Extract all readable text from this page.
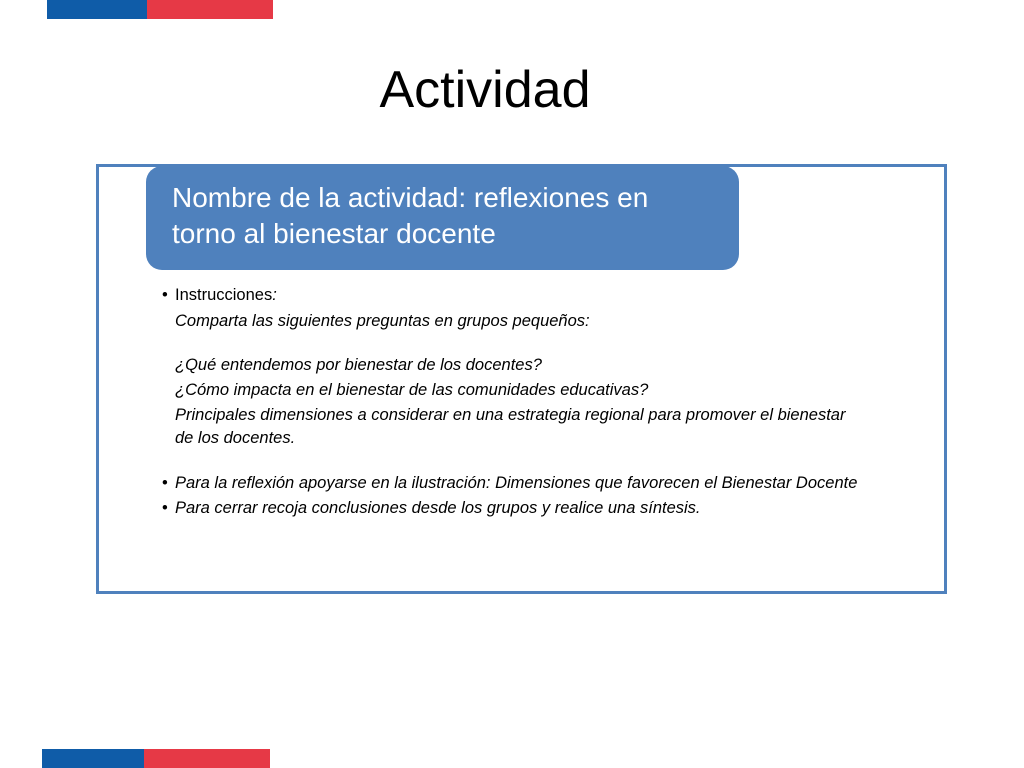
Actividad
Nombre de la actividad: reflexiones en torno al bienestar docente
• Instrucciones:
Comparta las siguientes preguntas en grupos pequeños:
¿Qué entendemos por bienestar de los docentes?
¿Cómo impacta en el bienestar de las comunidades educativas?
Principales dimensiones a considerar en una estrategia regional para promover el bienestar de los docentes.
• Para la reflexión apoyarse en la ilustración: Dimensiones que favorecen el Bienestar Docente
• Para cerrar recoja conclusiones desde los grupos y realice una síntesis.
